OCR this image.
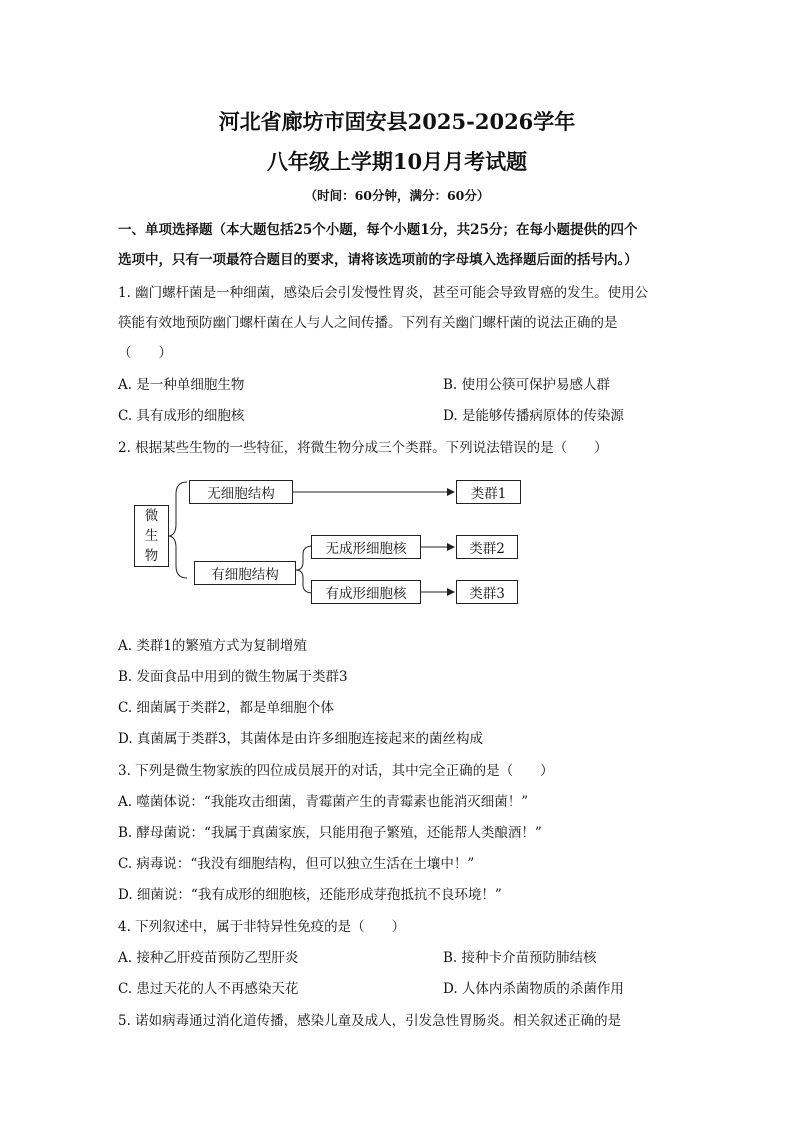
河北省廊坊市固安县2025-2026学年
八年级上学期10月月考试题
（时间：60分钟，满分：60分）
一、单项选择题（本大题包括25个小题，每个小题1分，共25分；在每小题提供的四个
选项中，只有一项最符合题目的要求，请将该选项前的字母填入选择题后面的括号内。）
1. 幽门螺杆菌是一种细菌，感染后会引发慢性胃炎，甚至可能会导致胃癌的发生。使用公
筷能有效地预防幽门螺杆菌在人与人之间传播。下列有关幽门螺杆菌的说法正确的是
（　　）
A. 是一种单细胞生物	B. 使用公筷可保护易感人群
C. 具有成形的细胞核	D. 是能够传播病原体的传染源
2. 根据某些生物的一些特征，将微生物分成三个类群。下列说法错误的是（　　）
微
生
物
无细胞结构
有细胞结构
无成形细胞核
有成形细胞核
类群1
类群2
类群3
A. 类群1的繁殖方式为复制增殖
B. 发面食品中用到的微生物属于类群3
C. 细菌属于类群2，都是单细胞个体
D. 真菌属于类群3，其菌体是由许多细胞连接起来的菌丝构成
3. 下列是微生物家族的四位成员展开的对话，其中完全正确的是（　　）
A. 噬菌体说：“我能攻击细菌，青霉菌产生的青霉素也能消灭细菌！”
B. 酵母菌说：“我属于真菌家族，只能用孢子繁殖，还能帮人类酿酒！”
C. 病毒说：“我没有细胞结构，但可以独立生活在土壤中！”
D. 细菌说：“我有成形的细胞核，还能形成芽孢抵抗不良环境！”
4. 下列叙述中，属于非特异性免疫的是（　　）
A. 接种乙肝疫苗预防乙型肝炎	B. 接种卡介苗预防肺结核
C. 患过天花的人不再感染天花	D. 人体内杀菌物质的杀菌作用
5. 诺如病毒通过消化道传播，感染儿童及成人，引发急性胃肠炎。相关叙述正确的是
